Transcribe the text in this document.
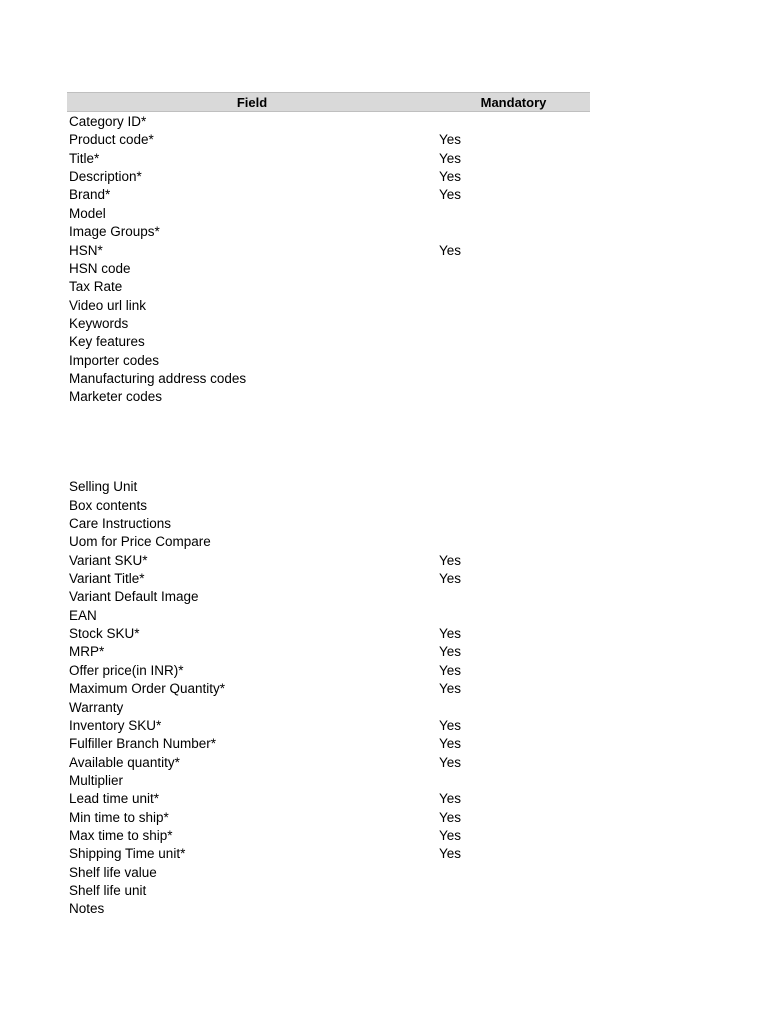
Field	Mandatory
Category ID*
Product code*	Yes
Title*	Yes
Description*	Yes
Brand*	Yes
Model
Image Groups*
HSN*	Yes
HSN code
Tax Rate
Video url link
Keywords
Key features
Importer codes
Manufacturing address codes
Marketer codes
Selling Unit
Box contents
Care Instructions
Uom for Price Compare
Variant SKU*	Yes
Variant Title*	Yes
Variant Default Image
EAN
Stock SKU*	Yes
MRP*	Yes
Offer price(in INR)*	Yes
Maximum Order Quantity*	Yes
Warranty
Inventory SKU*	Yes
Fulfiller Branch Number*	Yes
Available quantity*	Yes
Multiplier
Lead time unit*	Yes
Min time to ship*	Yes
Max time to ship*	Yes
Shipping Time unit*	Yes
Shelf life value
Shelf life unit
Notes
